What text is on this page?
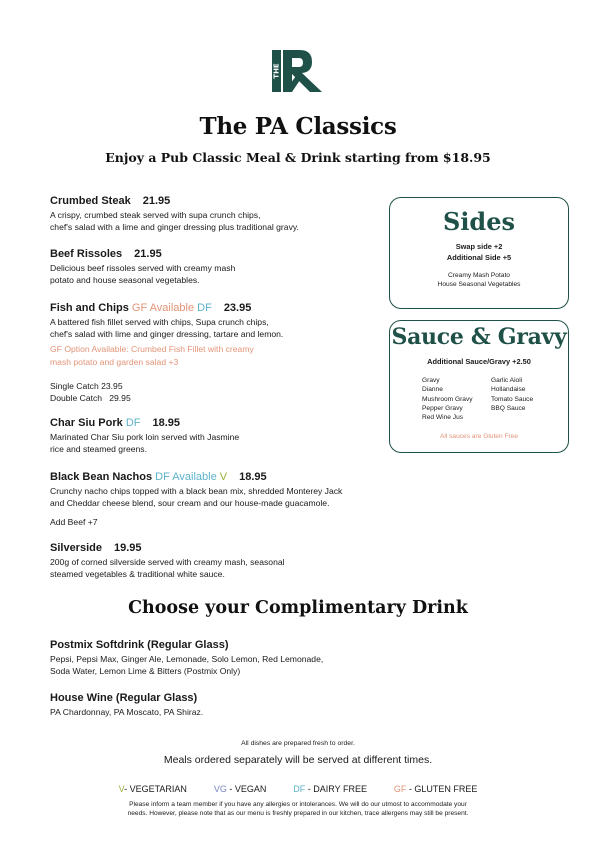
THE
The PA Classics
Enjoy a Pub Classic Meal & Drink starting from $18.95
Crumbed Steak 21.95
A crispy, crumbed steak served with supa crunch chips,
chef's salad with a lime and ginger dressing plus traditional gravy.
Beef Rissoles 21.95
Delicious beef rissoles served with creamy mash
potato and house seasonal vegetables.
Fish and Chips GF Available DF 23.95
A battered fish fillet served with chips, Supa crunch chips,
chef's salad with lime and ginger dressing, tartare and lemon.
GF Option Available: Crumbed Fish Fillet with creamy
mash potato and garden salad +3
Single Catch 23.95
Double Catch   29.95
Char Siu Pork DF 18.95
Marinated Char Siu pork loin served with Jasmine
rice and steamed greens.
Black Bean Nachos DF Available V 18.95
Crunchy nacho chips topped with a black bean mix, shredded Monterey Jack
and Cheddar cheese blend, sour cream and our house-made guacamole.
Add Beef +7
Silverside 19.95
200g of corned silverside served with creamy mash, seasonal
steamed vegetables & traditional white sauce.
Sides
Swap side +2
Additional Side +5
Creamy Mash Potato
House Seasonal Vegetables
Sauce & Gravy
Additional Sauce/Gravy +2.50
Gravy
Dianne
Mushroom Gravy
Pepper Gravy
Red Wine Jus
Garlic Aioli
Hollandaise
Tomato Sauce
BBQ Sauce
All sauces are Gluten Free
Choose your Complimentary Drink
Postmix Softdrink (Regular Glass)
Pepsi, Pepsi Max, Ginger Ale, Lemonade, Solo Lemon, Red Lemonade,
Soda Water, Lemon Lime & Bitters (Postmix Only)
House Wine (Regular Glass)
PA Chardonnay, PA Moscato, PA Shiraz.
All dishes are prepared fresh to order.
Meals ordered separately will be served at different times.
V- VEGETARIAN	VG - VEGAN	DF - DAIRY FREE	GF - GLUTEN FREE
Please inform a team member if you have any allergies or intolerances. We will do our utmost to accommodate your
needs. However, please note that as our menu is freshly prepared in our kitchen, trace allergens may still be present.
